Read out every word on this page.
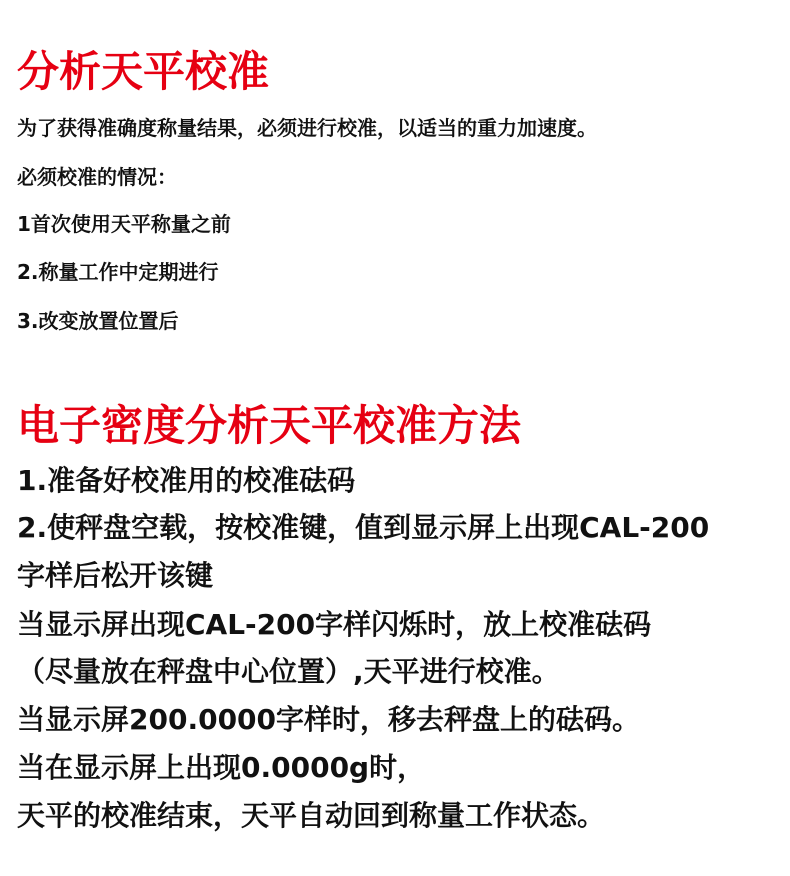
分析天平校准
为了获得准确度称量结果，必须进行校准，以适当的重力加速度。
必须校准的情况：
1首次使用天平称量之前
2.称量工作中定期进行
3.改变放置位置后
电子密度分析天平校准方法
1.准备好校准用的校准砝码
2.使秤盘空载，按校准键，值到显示屏上出现CAL-200
字样后松开该键
当显示屏出现CAL-200字样闪烁时，放上校准砝码
（尽量放在秤盘中心位置）,天平进行校准。
当显示屏200.0000字样时，移去秤盘上的砝码。
当在显示屏上出现0.0000g时，
天平的校准结束，天平自动回到称量工作状态。
